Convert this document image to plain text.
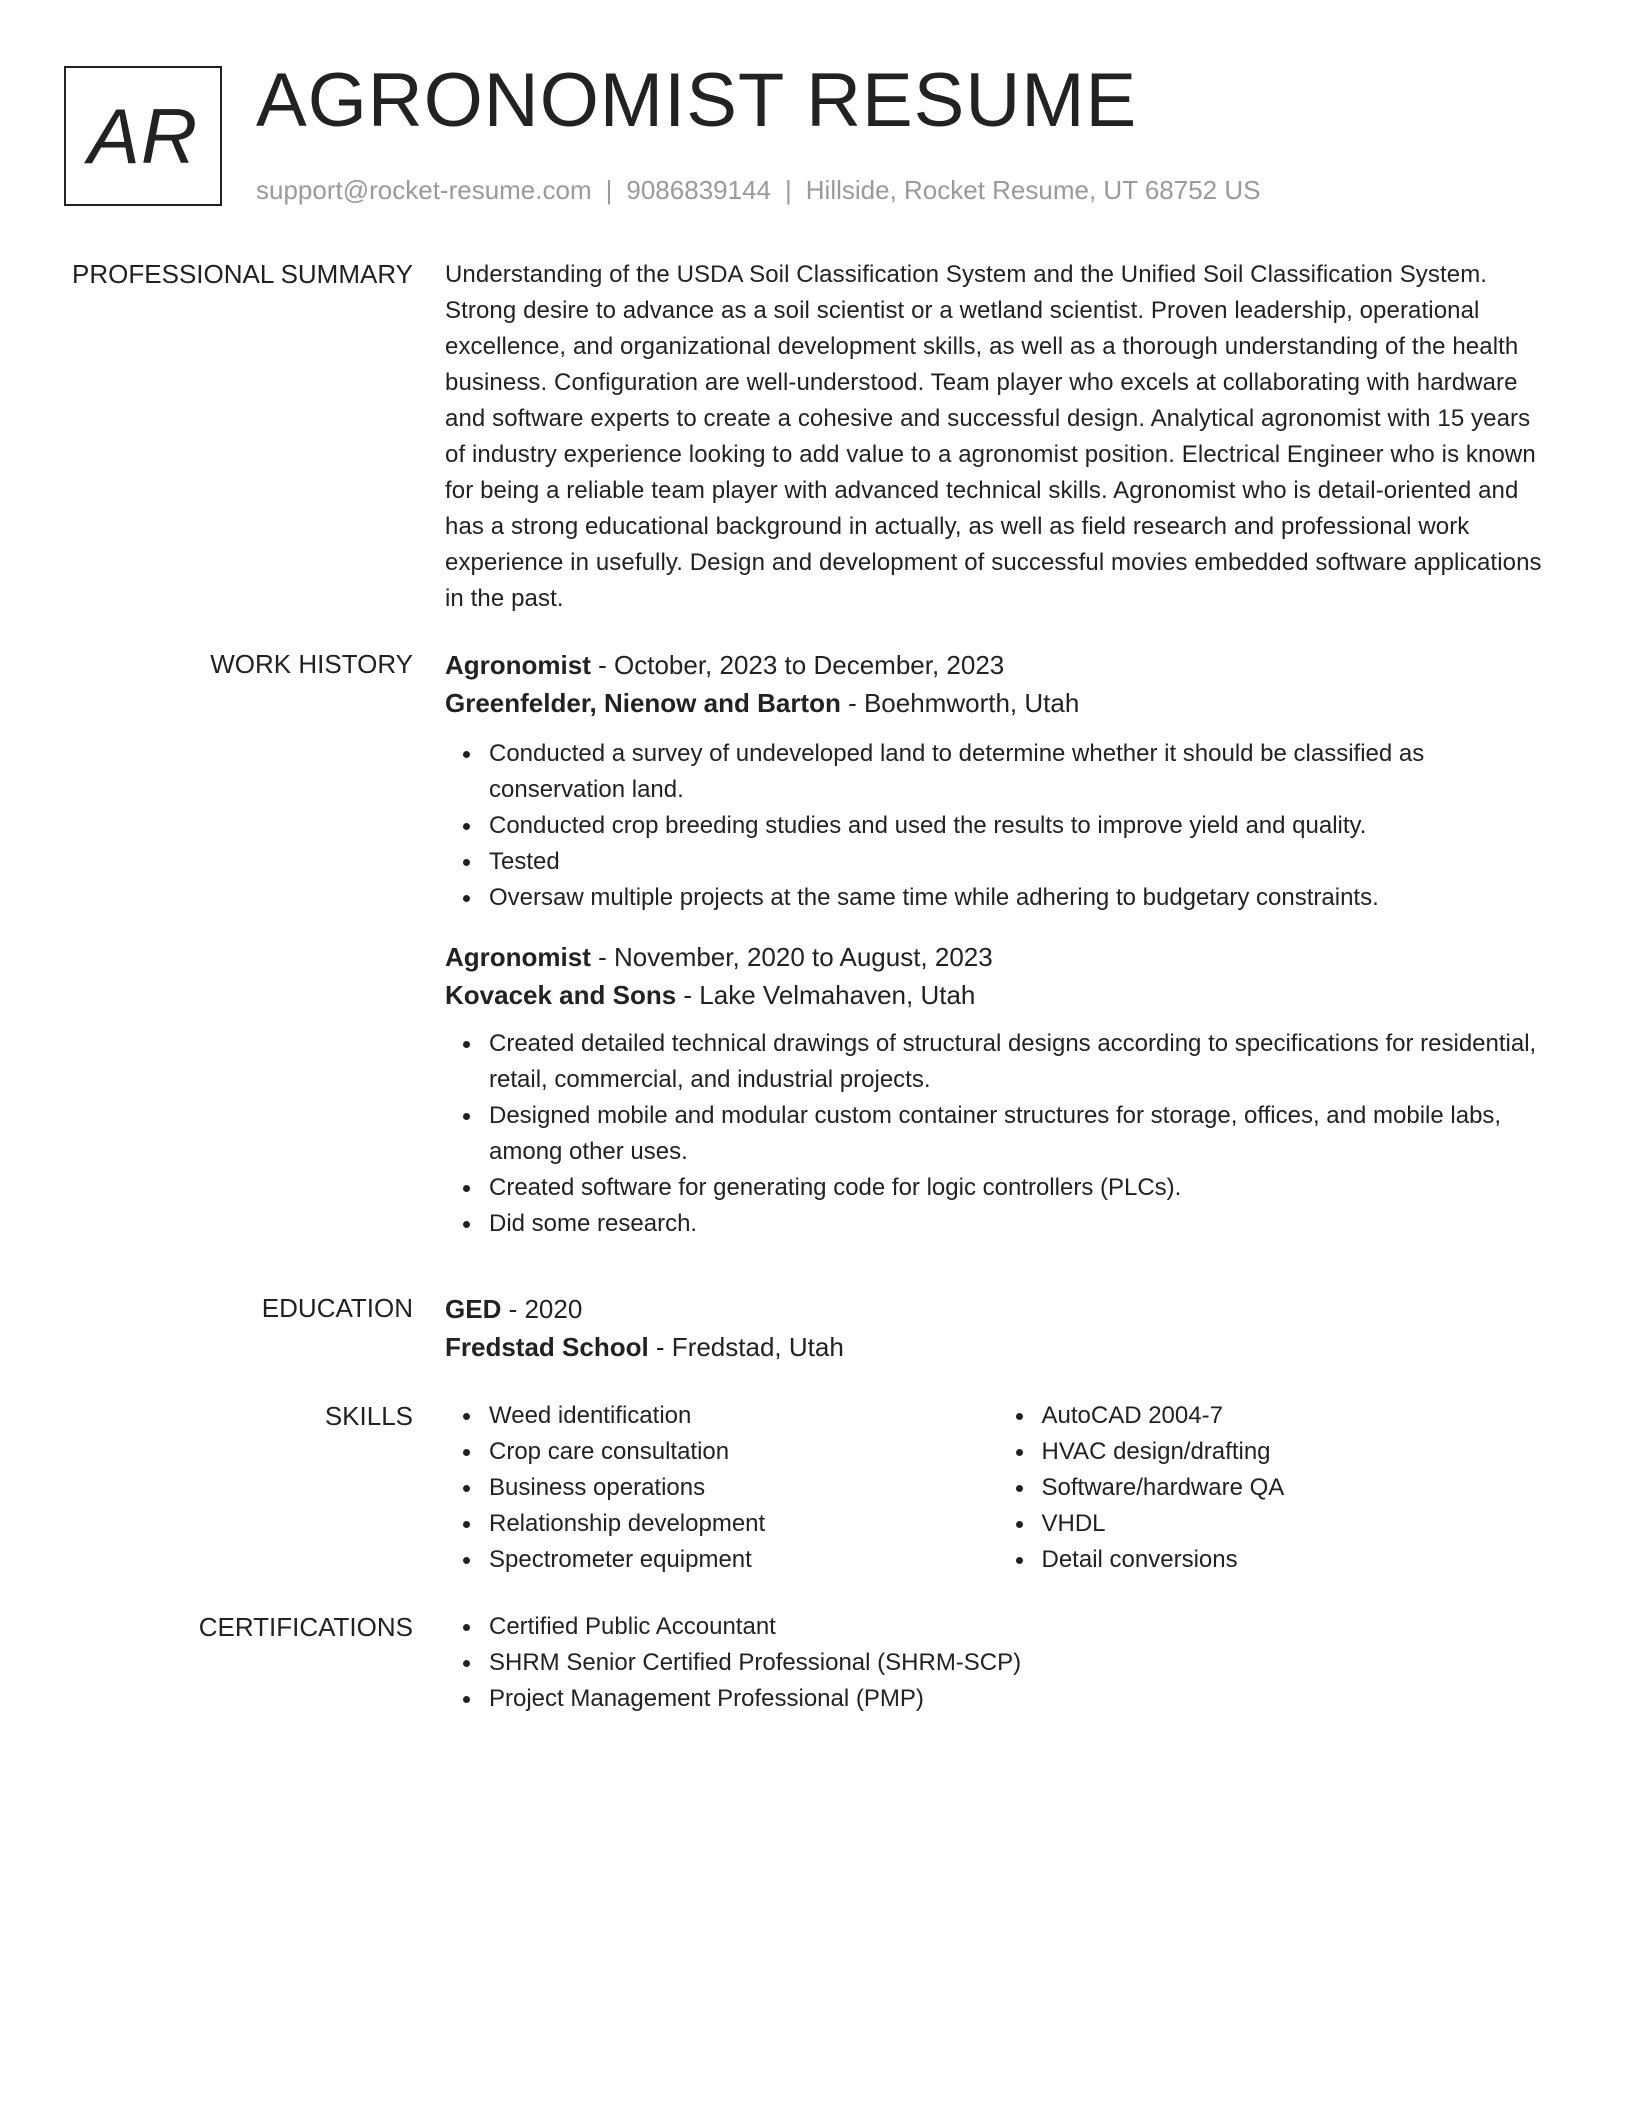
AR AGRONOMIST RESUME
support@rocket-resume.com | 9086839144 | Hillside, Rocket Resume, UT 68752 US
PROFESSIONAL SUMMARY Understanding of the USDA Soil Classification System and the Unified Soil Classification System. Strong desire to advance as a soil scientist or a wetland scientist. Proven leadership, operational excellence, and organizational development skills, as well as a thorough understanding of the health business. Configuration are well-understood. Team player who excels at collaborating with hardware and software experts to create a cohesive and successful design. Analytical agronomist with 15 years of industry experience looking to add value to a agronomist position. Electrical Engineer who is known for being a reliable team player with advanced technical skills. Agronomist who is detail-oriented and has a strong educational background in actually, as well as field research and professional work experience in usefully. Design and development of successful movies embedded software applications in the past.

WORK HISTORY Agronomist - October, 2023 to December, 2023
Greenfelder, Nienow and Barton - Boehmworth, Utah
Conducted a survey of undeveloped land to determine whether it should be classified as conservation land.
Conducted crop breeding studies and used the results to improve yield and quality.
Tested
Oversaw multiple projects at the same time while adhering to budgetary constraints.
Agronomist - November, 2020 to August, 2023
Kovacek and Sons - Lake Velmahaven, Utah
Created detailed technical drawings of structural designs according to specifications for residential, retail, commercial, and industrial projects.
Designed mobile and modular custom container structures for storage, offices, and mobile labs, among other uses.
Created software for generating code for logic controllers (PLCs).
Did some research.
EDUCATION GED - 2020
Fredstad School - Fredstad, Utah
SKILLS	Weed identification
Crop care consultation
Business operations
Relationship development
Spectrometer equipment
AutoCAD 2004-7
HVAC design/drafting
Software/hardware QA
VHDL
Detail conversions
CERTIFICATIONS	Certified Public Accountant
SHRM Senior Certified Professional (SHRM-SCP)
Project Management Professional (PMP)
